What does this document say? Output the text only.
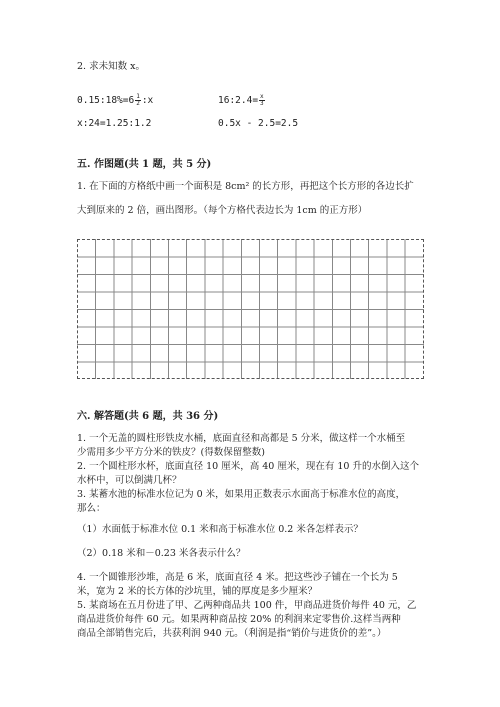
2. 求未知数 x。
0.15:18%=6 $\frac{1}{2}$ :x	16:2.4= $\frac{x}{3}$
x:24=1.25:1.2	0.5x - 2.5=2.5
五. 作图题(共 1 题，共 5 分)
1. 在下面的方格纸中画一个面积是 8cm² 的长方形，再把这个长方形的各边长扩
大到原来的 2 倍，画出图形。（每个方格代表边长为 1cm 的正方形）
六. 解答题(共 6 题，共 36 分)
1. 一个无盖的圆柱形铁皮水桶，底面直径和高都是 5 分米，做这样一个水桶至
少需用多少平方分米的铁皮？(得数保留整数)
2. 一个圆柱形水杯，底面直径 10 厘米，高 40 厘米，现在有 10 升的水倒入这个
水杯中，可以倒满几杯？
3. 某蓄水池的标准水位记为 0 米，如果用正数表示水面高于标准水位的高度，
那么：
（1）水面低于标准水位 0.1 米和高于标准水位 0.2 米各怎样表示？
（2）0.18 米和－0.23 米各表示什么？
4. 一个圆锥形沙堆，高是 6 米，底面直径 4 米。把这些沙子铺在一个长为 5
米，宽为 2 米的长方体的沙坑里，铺的厚度是多少厘米？
5. 某商场在五月份进了甲、乙两种商品共 100 件，甲商品进货价每件 40 元，乙
商品进货价每件 60 元。如果两种商品按 20% 的利润来定零售价.这样当两种
商品全部销售完后，共获利润 940 元。（利润是指“销价与进货价的差”。）
